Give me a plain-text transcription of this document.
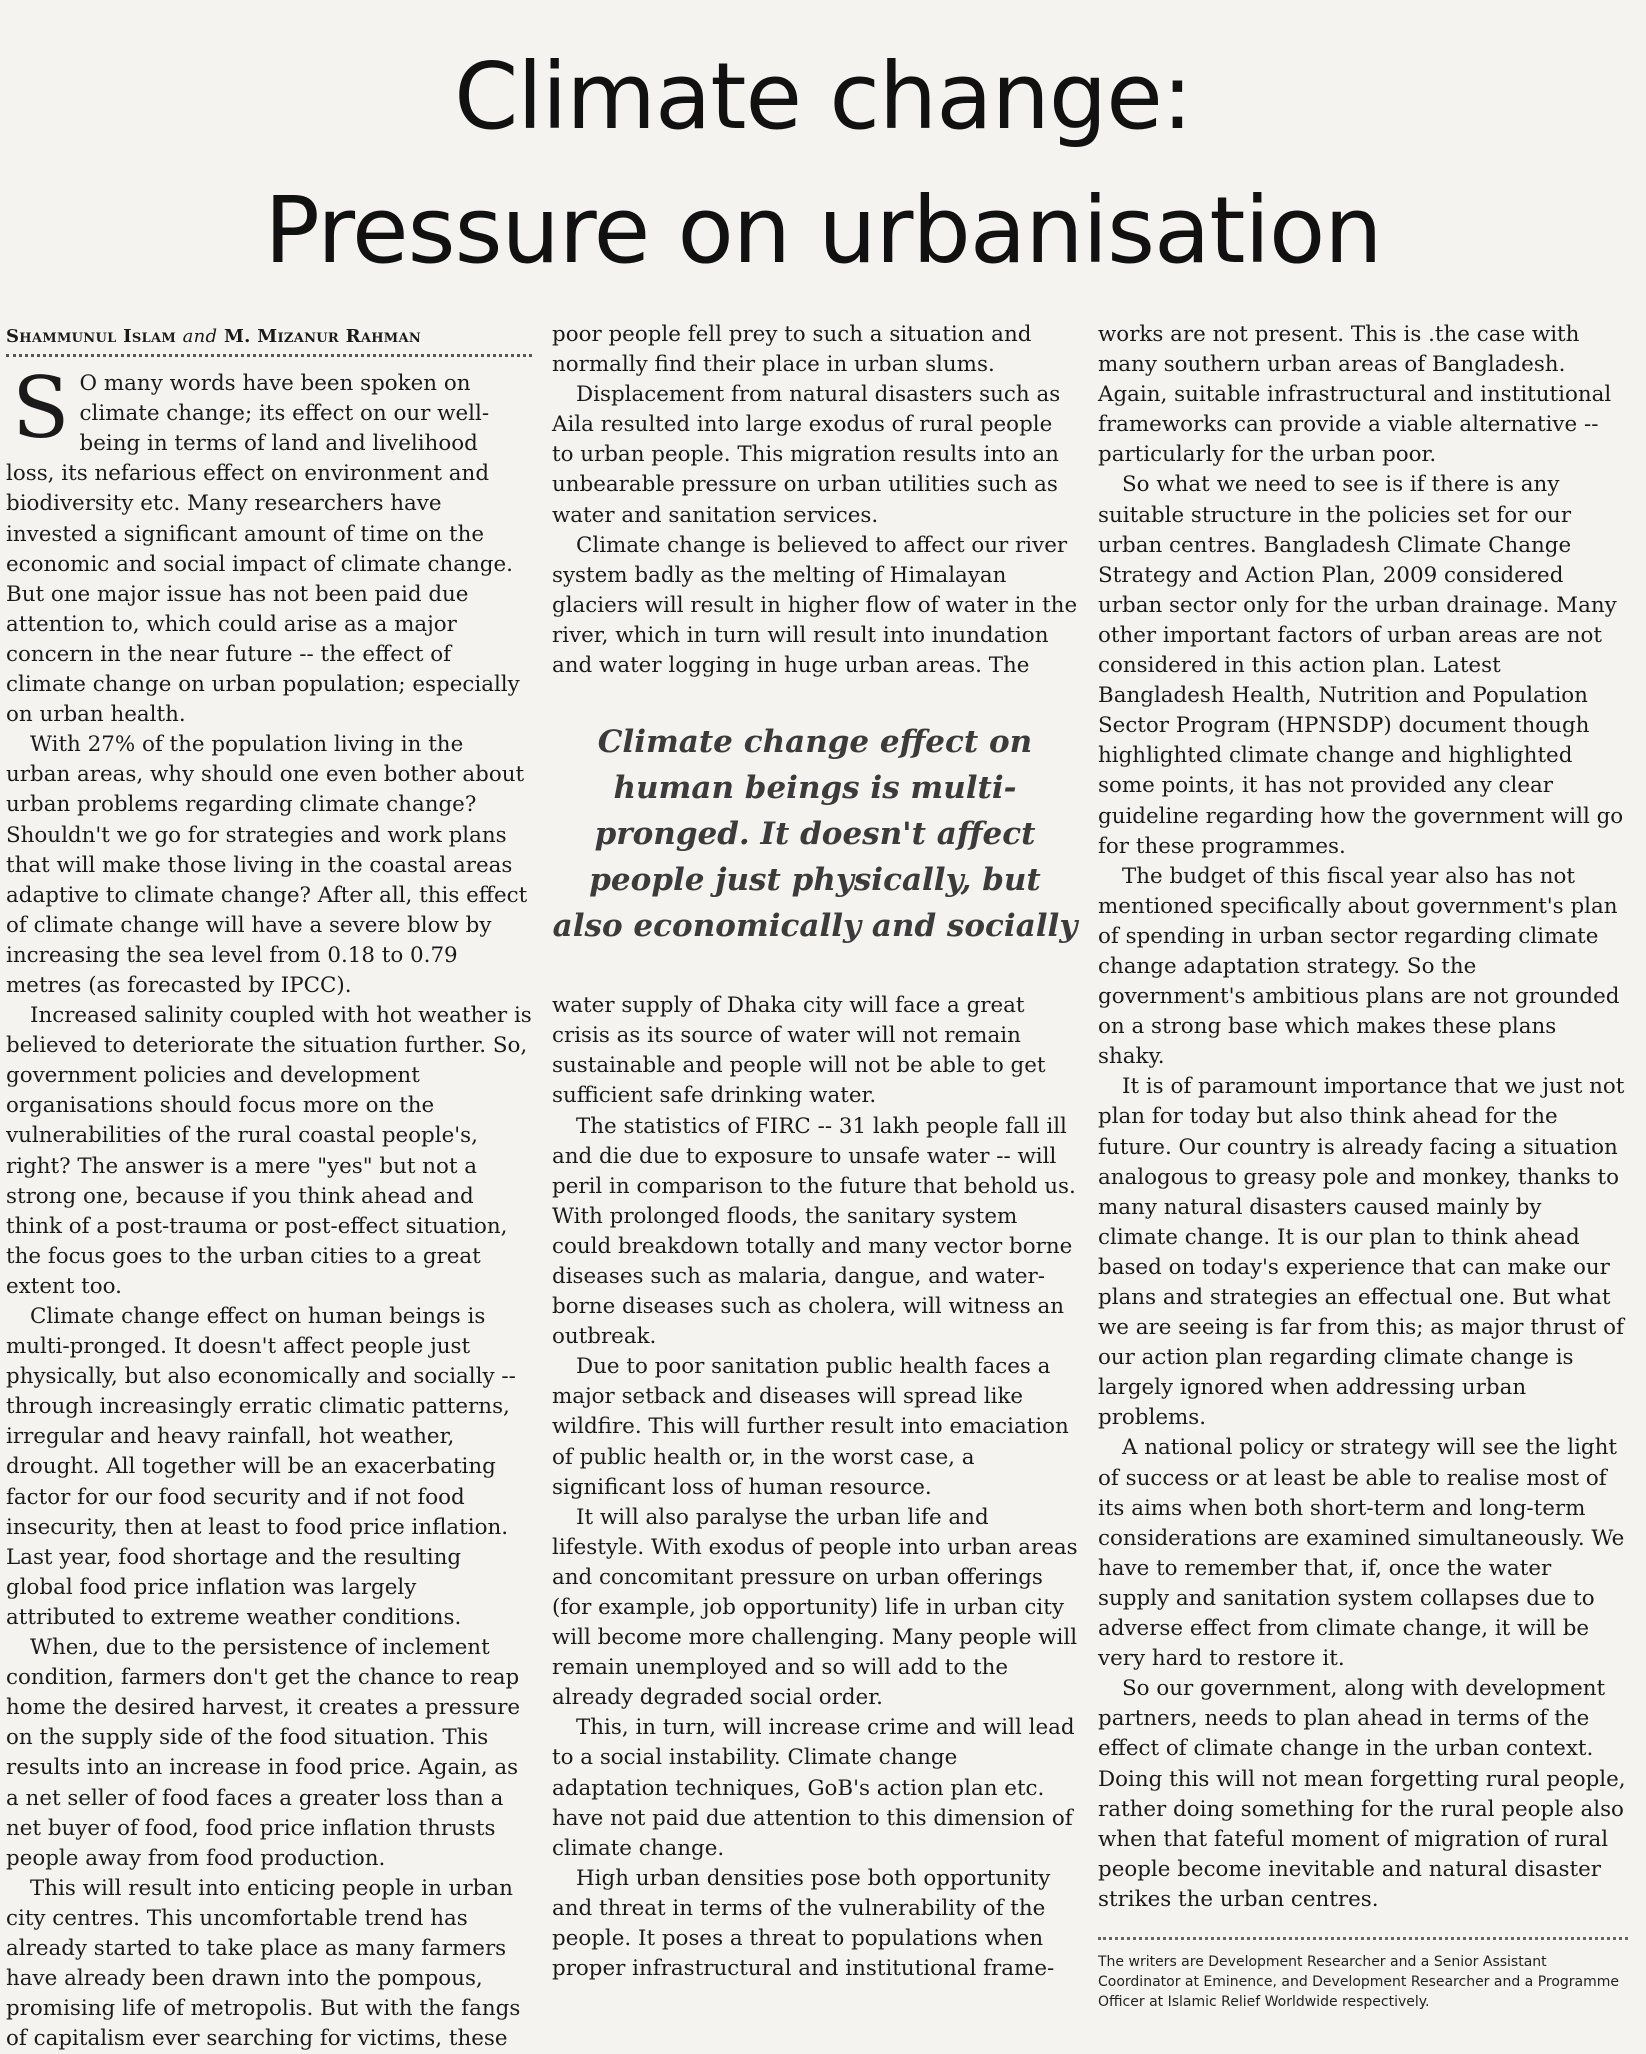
Climate change:
Pressure on urbanisation
Shammunul Islam and M. Mizanur Rahman

S O many words have been spoken on climate change; its effect on our well-being in terms of land and livelihood loss, its nefarious effect on environment and biodiversity etc. Many researchers have invested a significant amount of time on the economic and social impact of climate change. But one major issue has not been paid due attention to, which could arise as a major concern in the near future -- the effect of climate change on urban population; especially on urban health.

With 27% of the population living in the urban areas, why should one even bother about urban problems regarding climate change? Shouldn't we go for strategies and work plans that will make those living in the coastal areas adaptive to climate change? After all, this effect of climate change will have a severe blow by increasing the sea level from 0.18 to 0.79 metres (as forecasted by IPCC).

Increased salinity coupled with hot weather is believed to deteriorate the situation further. So, government policies and development organisations should focus more on the vulnerabilities of the rural coastal people's, right? The answer is a mere "yes" but not a strong one, because if you think ahead and think of a post-trauma or post-effect situation, the focus goes to the urban cities to a great extent too.

Climate change effect on human beings is multi-pronged. It doesn't affect people just physically, but also economically and socially -- through increasingly erratic climatic patterns, irregular and heavy rainfall, hot weather, drought. All together will be an exacerbating factor for our food security and if not food insecurity, then at least to food price inflation. Last year, food shortage and the resulting global food price inflation was largely attributed to extreme weather conditions.

When, due to the persistence of inclement condition, farmers don't get the chance to reap home the desired harvest, it creates a pressure on the supply side of the food situation. This results into an increase in food price. Again, as a net seller of food faces a greater loss than a net buyer of food, food price inflation thrusts people away from food production.

This will result into enticing people in urban city centres. This uncomfortable trend has already started to take place as many farmers have already been drawn into the pompous, promising life of metropolis. But with the fangs of capitalism ever searching for victims, these

poor people fell prey to such a situation and normally find their place in urban slums.

Displacement from natural disasters such as Aila resulted into large exodus of rural people to urban people. This migration results into an unbearable pressure on urban utilities such as water and sanitation services.

Climate change is believed to affect our river system badly as the melting of Himalayan glaciers will result in higher flow of water in the river, which in turn will result into inundation and water logging in huge urban areas. The

Climate change effect on human beings is multi-pronged. It doesn't affect people just physically, but also economically and socially

water supply of Dhaka city will face a great crisis as its source of water will not remain sustainable and people will not be able to get sufficient safe drinking water.

The statistics of FIRC -- 31 lakh people fall ill and die due to exposure to unsafe water -- will peril in comparison to the future that behold us. With prolonged floods, the sanitary system could breakdown totally and many vector borne diseases such as malaria, dangue, and water-borne diseases such as cholera, will witness an outbreak.

Due to poor sanitation public health faces a major setback and diseases will spread like wildfire. This will further result into emaciation of public health or, in the worst case, a significant loss of human resource.

It will also paralyse the urban life and lifestyle. With exodus of people into urban areas and concomitant pressure on urban offerings (for example, job opportunity) life in urban city will become more challenging. Many people will remain unemployed and so will add to the already degraded social order.

This, in turn, will increase crime and will lead to a social instability. Climate change adaptation techniques, GoB's action plan etc. have not paid due attention to this dimension of climate change.

High urban densities pose both opportunity and threat in terms of the vulnerability of the people. It poses a threat to populations when proper infrastructural and institutional frame-

works are not present. This is .the case with many southern urban areas of Bangladesh. Again, suitable infrastructural and institutional frameworks can provide a viable alternative -- particularly for the urban poor.

So what we need to see is if there is any suitable structure in the policies set for our urban centres. Bangladesh Climate Change Strategy and Action Plan, 2009 considered urban sector only for the urban drainage. Many other important factors of urban areas are not considered in this action plan. Latest Bangladesh Health, Nutrition and Population Sector Program (HPNSDP) document though highlighted climate change and highlighted some points, it has not provided any clear guideline regarding how the government will go for these programmes.

The budget of this fiscal year also has not mentioned specifically about government's plan of spending in urban sector regarding climate change adaptation strategy. So the government's ambitious plans are not grounded on a strong base which makes these plans shaky.

It is of paramount importance that we just not plan for today but also think ahead for the future. Our country is already facing a situation analogous to greasy pole and monkey, thanks to many natural disasters caused mainly by climate change. It is our plan to think ahead based on today's experience that can make our plans and strategies an effectual one. But what we are seeing is far from this; as major thrust of our action plan regarding climate change is largely ignored when addressing urban problems.

A national policy or strategy will see the light of success or at least be able to realise most of its aims when both short-term and long-term considerations are examined simultaneously. We have to remember that, if, once the water supply and sanitation system collapses due to adverse effect from climate change, it will be very hard to restore it.

So our government, along with development partners, needs to plan ahead in terms of the effect of climate change in the urban context. Doing this will not mean forgetting rural people, rather doing something for the rural people also when that fateful moment of migration of rural people become inevitable and natural disaster strikes the urban centres.

The writers are Development Researcher and a Senior Assistant Coordinator at Eminence, and Development Researcher and a Programme Officer at Islamic Relief Worldwide respectively.
